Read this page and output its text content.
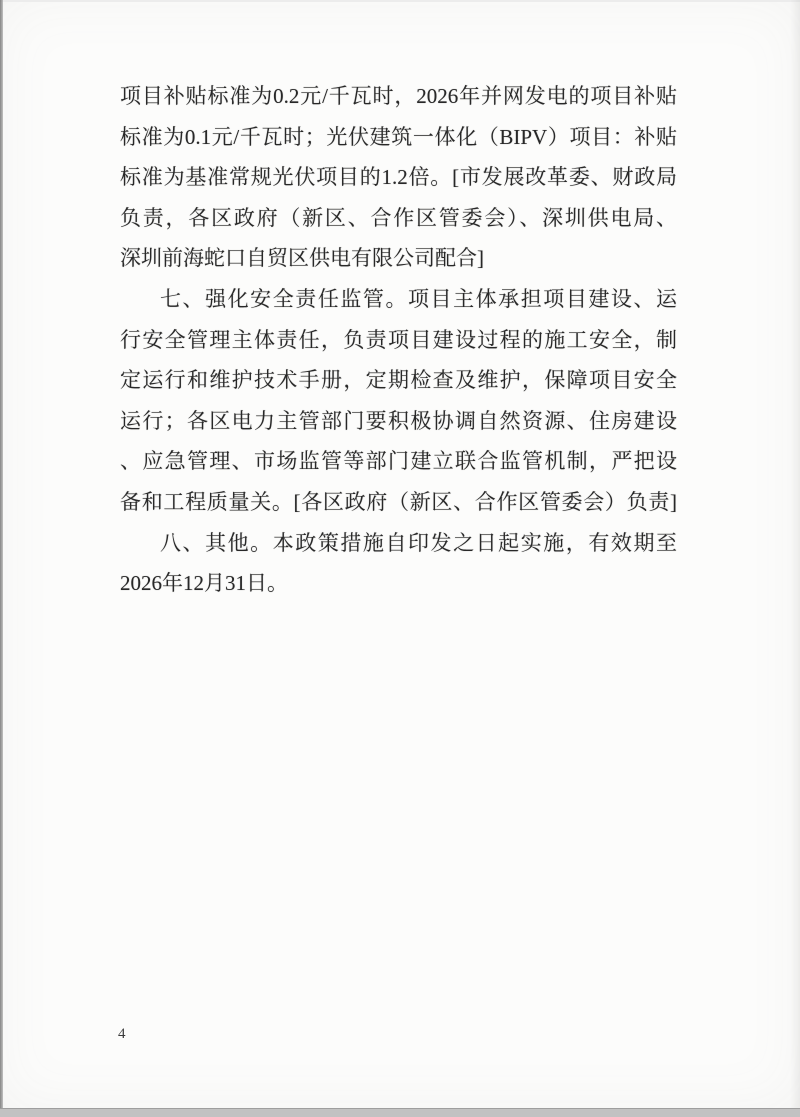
项目补贴标准为0.2元/千瓦时，2026年并网发电的项目补贴
标准为0.1元/千瓦时；光伏建筑一体化（BIPV）项目：补贴
标准为基准常规光伏项目的1.2倍。[市发展改革委、财政局
负责，各区政府（新区、合作区管委会）、深圳供电局、
深圳前海蛇口自贸区供电有限公司配合]
七、强化安全责任监管。项目主体承担项目建设、运
行安全管理主体责任，负责项目建设过程的施工安全，制
定运行和维护技术手册，定期检查及维护，保障项目安全
运行；各区电力主管部门要积极协调自然资源、住房建设
、应急管理、市场监管等部门建立联合监管机制，严把设
备和工程质量关。[各区政府（新区、合作区管委会）负责]
八、其他。本政策措施自印发之日起实施，有效期至
2026年12月31日。
4
